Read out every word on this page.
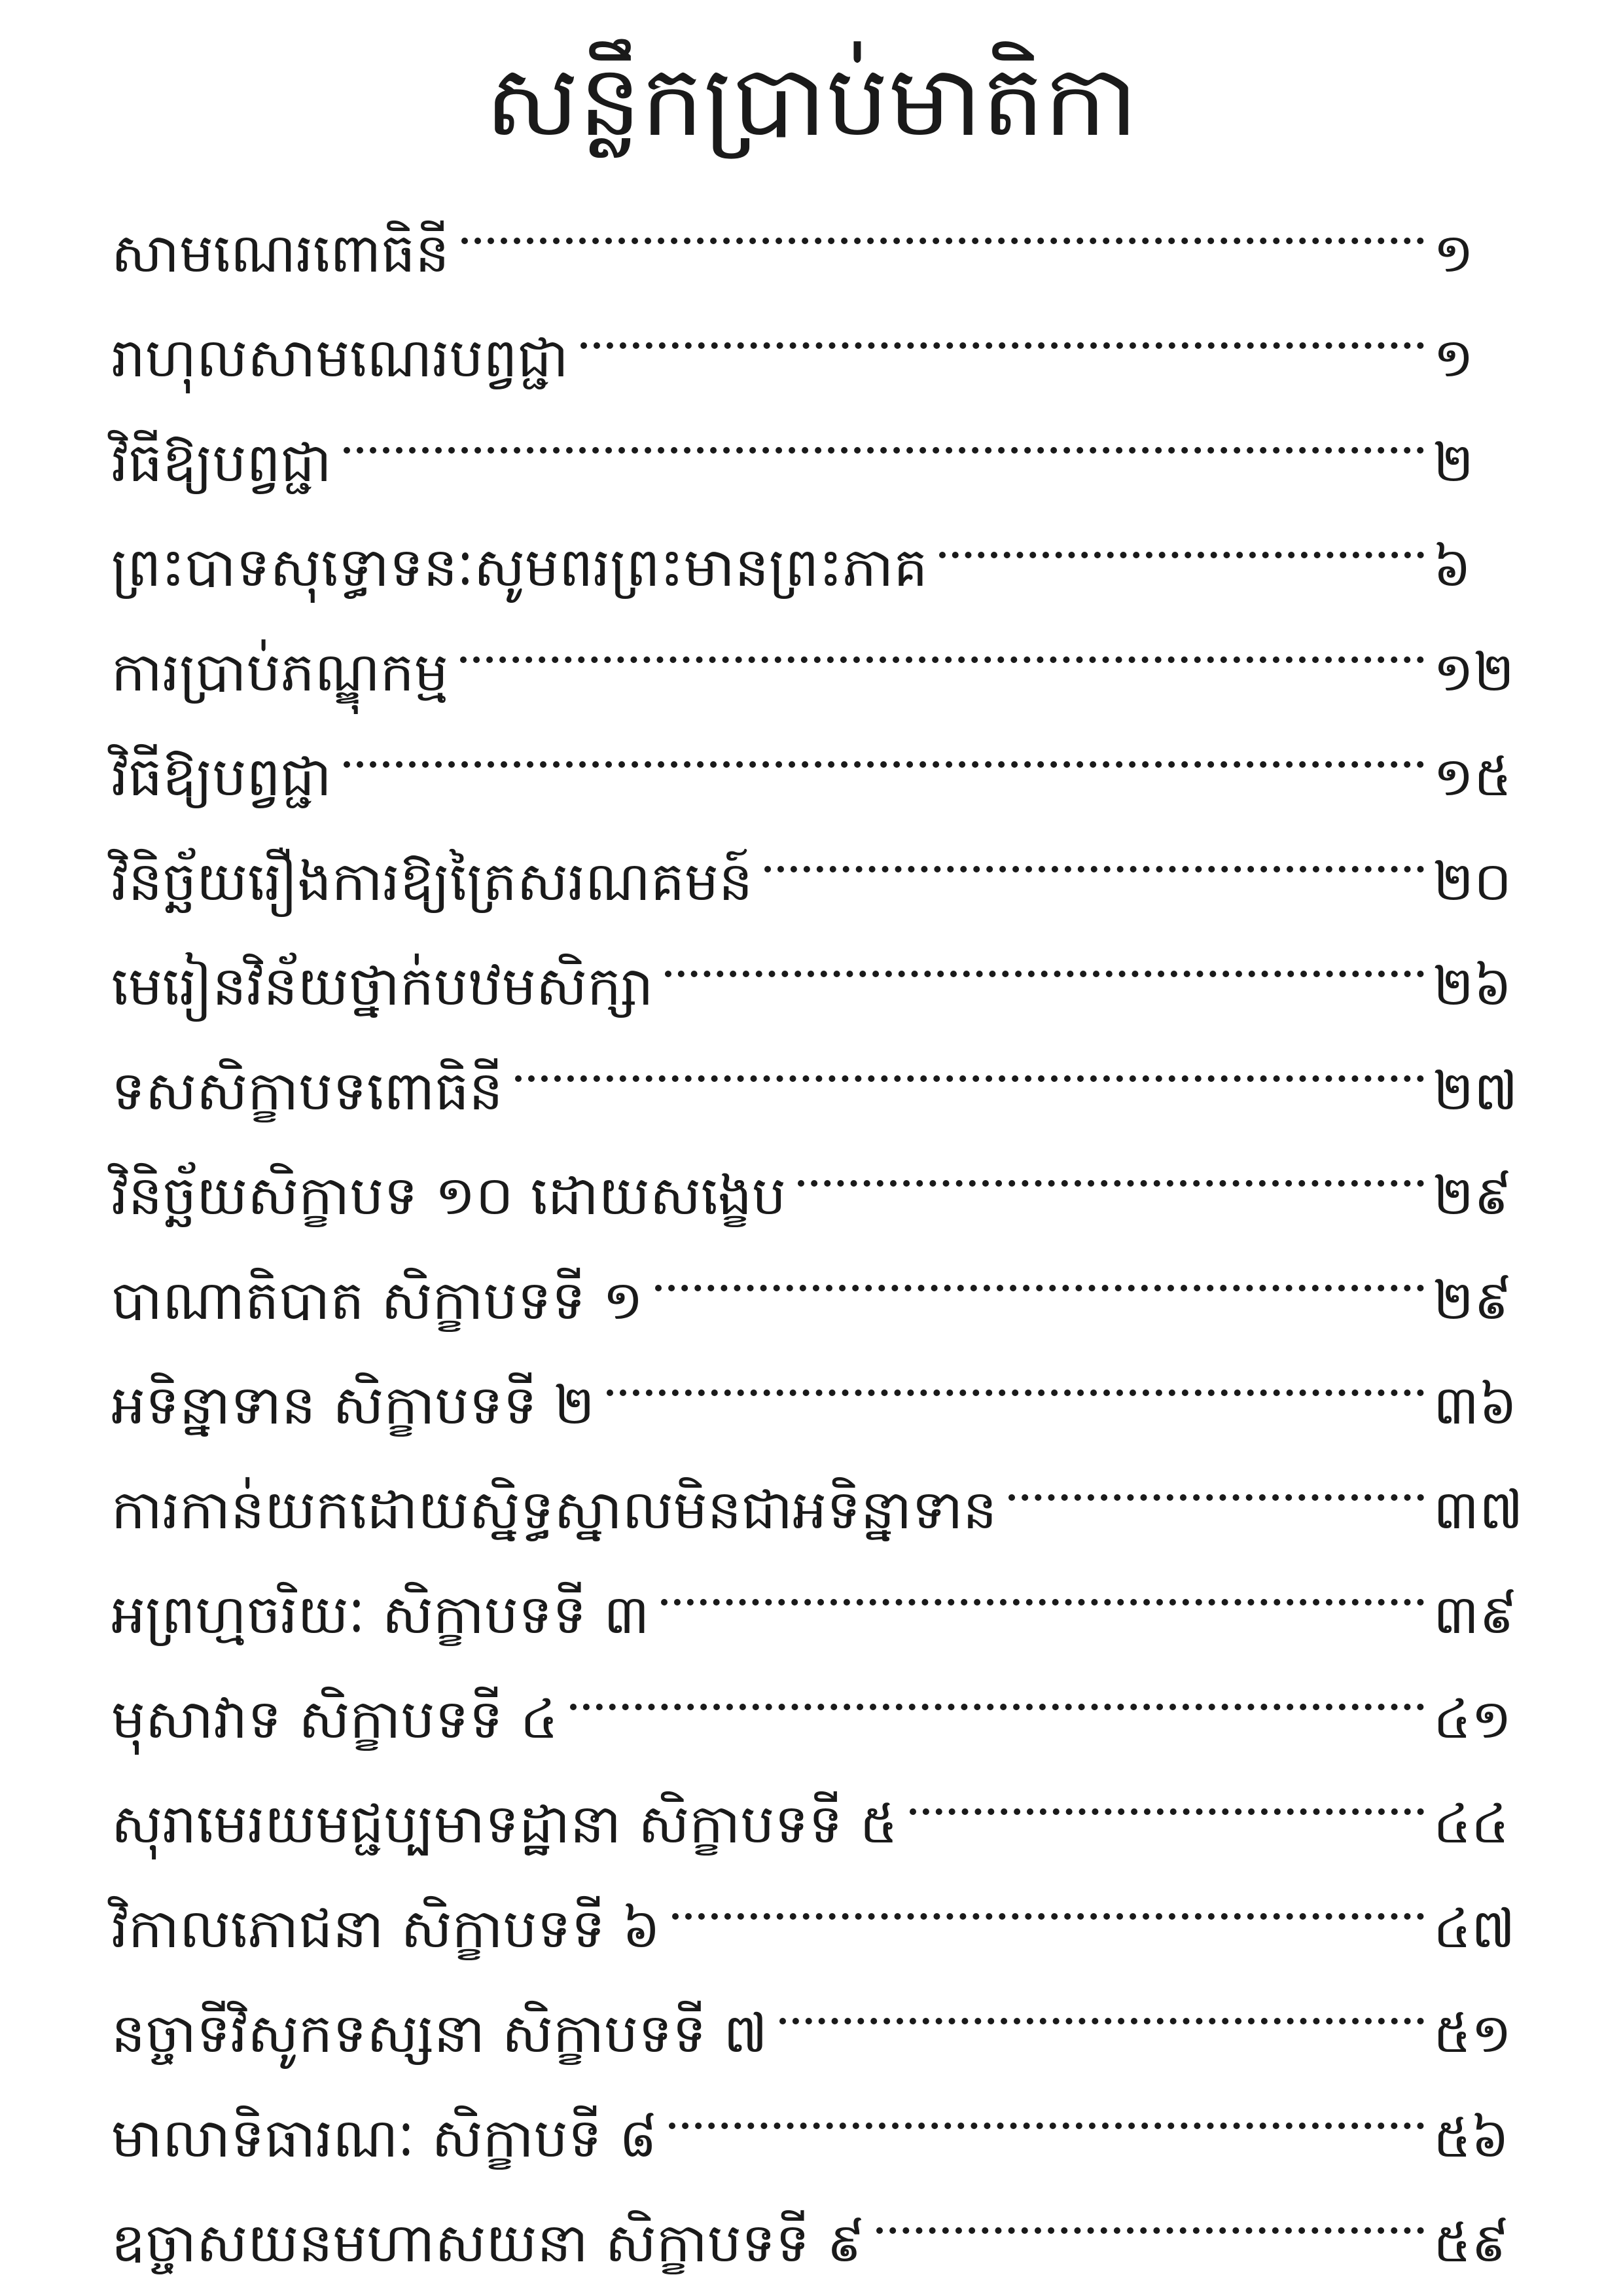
សន្លឹកប្រាប់មាតិកា
សាមណេរពោធិនី	១
រាហុលសាមណេរបព្វជ្ជា	១
វិធីឱ្យបព្វជ្ជា	២
ព្រះបាទសុទ្ធោទនៈសូមពរព្រះមានព្រះភាគ	៦
ការប្រាប់ភណ្ឌុកម្ម	១២
វិធីឱ្យបព្វជ្ជា	១៥
វិនិច្ឆ័យរឿងការឱ្យត្រៃសរណគមន៍	២០
មេរៀនវិន័យថ្នាក់បឋមសិក្សា	២៦
ទសសិក្ខាបទពោធិនី	២៧
វិនិច្ឆ័យសិក្ខាបទ ១០ ដោយសង្ខេប	២៩
បាណាតិបាត សិក្ខាបទទី ១	២៩
អទិន្នាទាន សិក្ខាបទទី ២	៣៦
ការកាន់យកដោយស្និទ្ធស្នាលមិនជាអទិន្នាទាន	៣៧
អព្រហ្មចរិយៈ សិក្ខាបទទី ៣	៣៩
មុសាវាទ សិក្ខាបទទី ៤	៤១
សុរាមេរយមជ្ជប្បមាទដ្ឋានា សិក្ខាបទទី ៥	៤៤
វិកាលភោជនា សិក្ខាបទទី ៦	៤៧
នច្ចាទីវិសូកទស្សនា សិក្ខាបទទី ៧	៥១
មាលាទិធារណៈ សិក្ខាបទី ៨	៥៦
ឧច្ចាសយនមហាសយនា សិក្ខាបទទី ៩	៥៩
